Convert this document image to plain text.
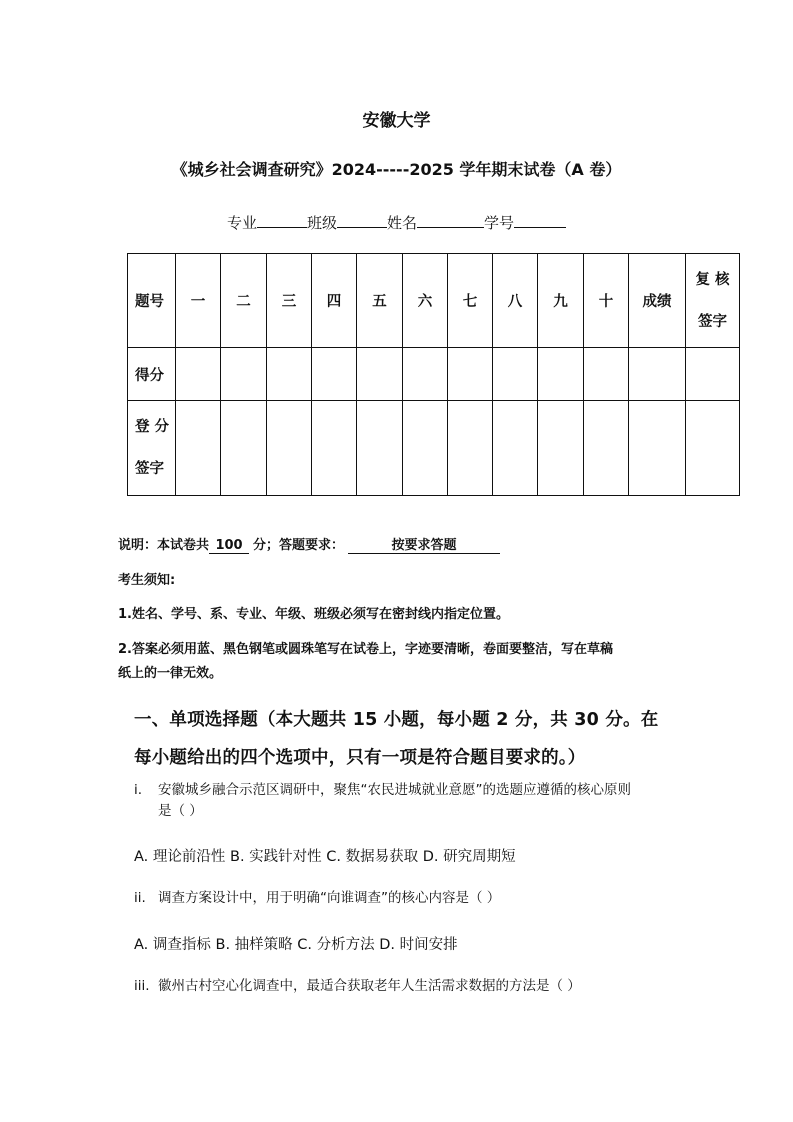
安徽大学
《城乡社会调查研究》2024-----2025 学年期末试卷（A 卷）
专业	班级	姓名	学号
题号	一	二	三	四	五	六	七	八	九	十	成绩	复 核
签字

得分												

登 分
签字												

说明：本试卷共 100 分；答题要求：	按要求答题
考生须知:
1.姓名、学号、系、专业、年级、班级必须写在密封线内指定位置。
2.答案必须用蓝、黑色钢笔或圆珠笔写在试卷上，字迹要清晰，卷面要整洁，写在草稿
纸上的一律无效。
一、单项选择题（本大题共 15 小题，每小题 2 分，共 30 分。在
每小题给出的四个选项中，只有一项是符合题目要求的。）
i. 安徽城乡融合示范区调研中，聚焦“农民进城就业意愿”的选题应遵循的核心原则
是（ ）
A. 理论前沿性 B. 实践针对性 C. 数据易获取 D. 研究周期短
ii. 调查方案设计中，用于明确“向谁调查”的核心内容是（ ）
A. 调查指标 B. 抽样策略 C. 分析方法 D. 时间安排
iii. 徽州古村空心化调查中，最适合获取老年人生活需求数据的方法是（ ）
